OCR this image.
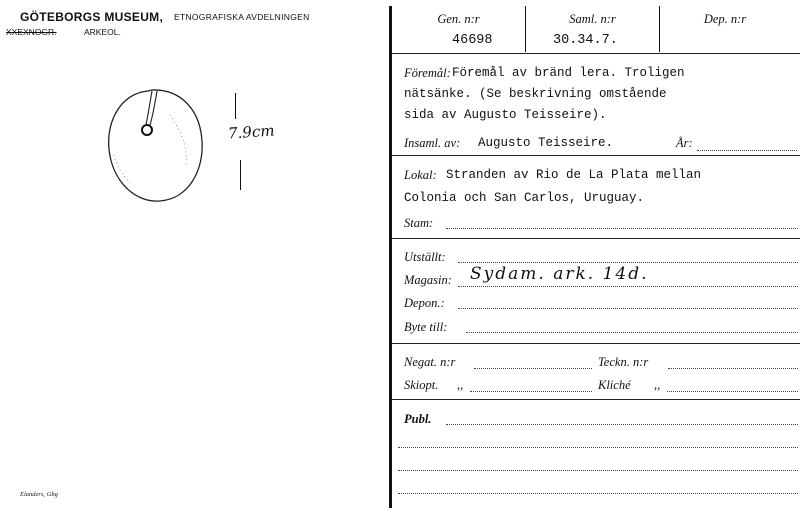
GÖTEBORGS MUSEUM, ETNOGRAFISKA AVDELNINGEN
XXEXNOGR.	ARKEOL.
7.9cm
Elanders, Gbg
Gen. n:r	Saml. n:r	Dep. n:r
46698	30.34.7.
Föremål: Föremål av bränd lera. Troligen
nätsänke. (Se beskrivning omstående
sida av Augusto Teisseire).
Insaml. av: Augusto Teisseire.	År:
Lokal: Stranden av Rio de La Plata mellan
Colonia och San Carlos, Uruguay.
Stam:
Utställt:
Magasin: Sydam. ark. 14d.
Depon.:
Byte till:
Negat. n:r	Teckn. n:r
Skiopt. ,,	Kliché ,,
Publ.
